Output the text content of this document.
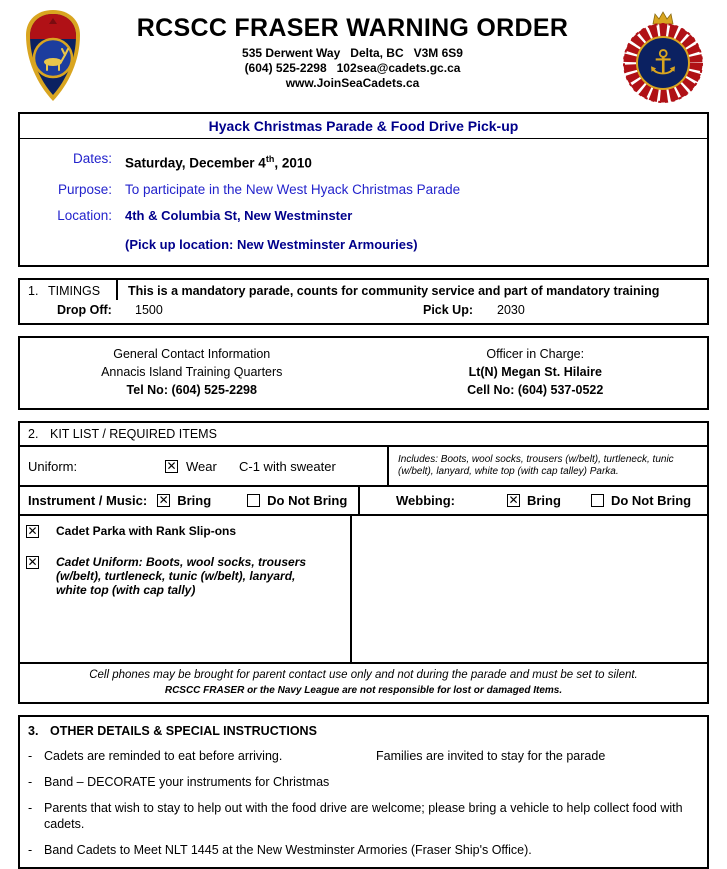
RCSCC FRASER WARNING ORDER
535 Derwent Way   Delta, BC   V3M 6S9
(604) 525-2298   102sea@cadets.gc.ca
www.JoinSeaCadets.ca	⚓
Hyack Christmas Parade & Food Drive Pick-up
Dates: Saturday, December 4th, 2010
Purpose: To participate in the New West Hyack Christmas Parade
Location:	4th & Columbia St, New Westminster
(Pick up location: New Westminster Armouries)
1. TIMINGS	This is a mandatory parade, counts for community service and part of mandatory training
Drop Off:	1500	Pick Up:	2030
General Contact Information
Annacis Island Training Quarters
Tel No: (604) 525-2298
Officer in Charge:
Lt(N) Megan St. Hilaire
Cell No: (604) 537-0522
2. KIT LIST / REQUIRED ITEMS
Uniform:	✕ Wear C-1 with sweater	Includes: Boots, wool socks, trousers (w/belt), turtleneck, tunic (w/belt), lanyard, white top (with cap talley) Parka.
Instrument / Music: ✕ Bring	Do Not Bring	Webbing:	✕ Bring	Do Not Bring
✕ Cadet Parka with Rank Slip-ons
✕ Cadet Uniform: Boots, wool socks, trousers (w/belt), turtleneck, tunic (w/belt), lanyard, white top (with cap tally)
Cell phones may be brought for parent contact use only and not during the parade and must be set to silent.
RCSCC FRASER or the Navy League are not responsible for lost or damaged Items.
3. OTHER DETAILS & SPECIAL INSTRUCTIONS
- Cadets are reminded to eat before arriving.	Families are invited to stay for the parade
- Band – DECORATE your instruments for Christmas
- Parents that wish to stay to help out with the food drive are welcome; please bring a vehicle to help collect food with cadets.
- Band Cadets to Meet NLT 1445 at the New Westminster Armories (Fraser Ship's Office).
